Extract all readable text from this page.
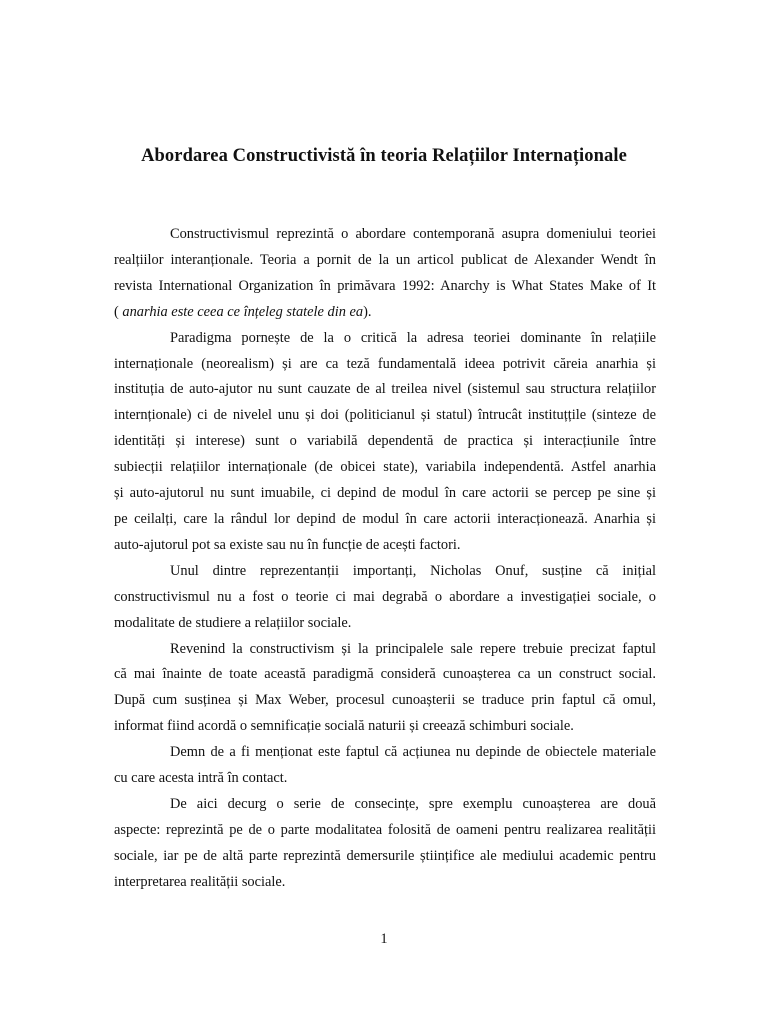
Abordarea Constructivistă în teoria Relațiilor Internaționale

Constructivismul reprezintă o abordare contemporană asupra domeniului teoriei
realțiilor interanționale. Teoria a pornit de la un articol publicat de Alexander Wendt în
revista International Organization în primăvara 1992: Anarchy is What States Make of It
( anarhia este ceea ce înțeleg statele din ea).

Paradigma pornește de la o critică la adresa teoriei dominante în relațiile
internaționale (neorealism) și are ca teză fundamentală ideea potrivit căreia anarhia și
instituția de auto-ajutor nu sunt cauzate de al treilea nivel (sistemul sau structura relațiilor
internționale) ci de nivelel unu și doi (politicianul și statul) întrucât instituțțile (sinteze de
identități și interese) sunt o variabilă dependentă de practica și interacțiunile între
subiecții relațiilor internaționale (de obicei state), variabila independentă. Astfel anarhia
și auto-ajutorul nu sunt imuabile, ci depind de modul în care actorii se percep pe sine și
pe ceilalți, care la rândul lor depind de modul în care actorii interacționează. Anarhia și
auto-ajutorul pot sa existe sau nu în funcție de acești factori.

Unul dintre reprezentanții importanți, Nicholas Onuf, susține că inițial
constructivismul nu a fost o teorie ci mai degrabă o abordare a investigației sociale, o
modalitate de studiere a relațiilor sociale.

Revenind la constructivism și la principalele sale repere trebuie precizat faptul
că mai înainte de toate această paradigmă consideră cunoașterea ca un construct social.
După cum susținea și Max Weber, procesul cunoașterii se traduce prin faptul că omul,
informat fiind acordă o semnificație socială naturii și creează schimburi sociale.

Demn de a fi menționat este faptul că acțiunea nu depinde de obiectele materiale
cu care acesta intră în contact.

De aici decurg o serie de consecințe, spre exemplu cunoașterea are două
aspecte: reprezintă pe de o parte modalitatea folosită de oameni pentru realizarea realității
sociale, iar pe de altă parte reprezintă demersurile științifice ale mediului academic pentru
interpretarea realității sociale.

1
